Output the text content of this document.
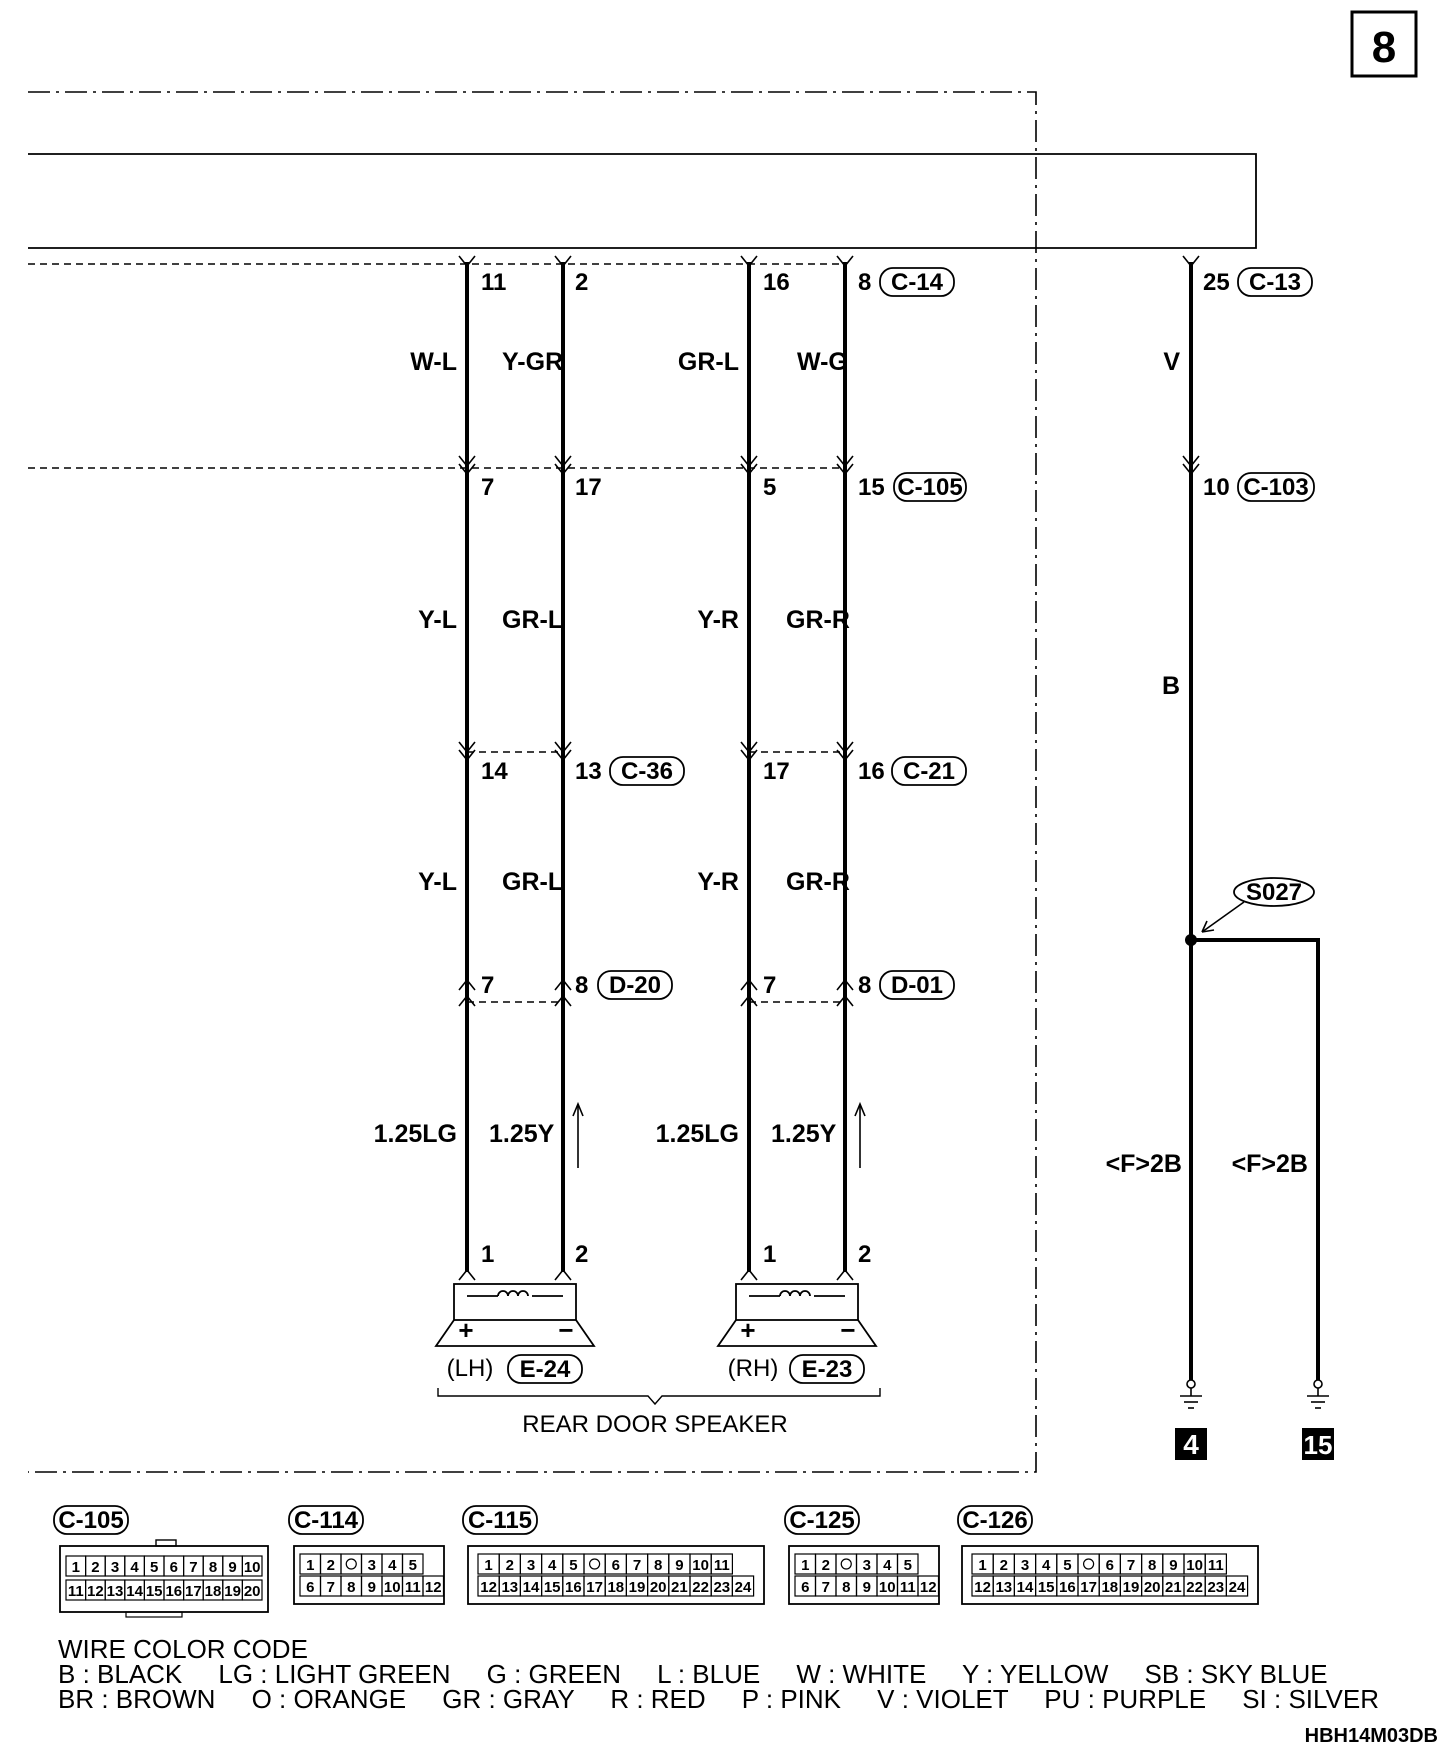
8
4	15
W-L Y-GR	GR-L W-G
Y-L GR-L	Y-R GR-R
Y-L GR-L	Y-R GR-R
1.25LG 1.25Y	1.25LG 1.25Y
V
B
<F>2B <F>2B
11	2	16	8
7	17	5	15
14	13	17	16
7	8	7	8
1	2	1	2
25
10
C-14
C-105
C-36	C-21
D-20	D-01
C-13
C-103
S027
+	−	+	−
(LH) E-24	(RH) E-23
REAR DOOR SPEAKER
C-105
1 2 3 4 5 6 7 8 9 10
11 12 13 14 15 16 17 18 19 20
C-114
1 2 3 4 5
6 7 8 9 10 11 12
C-115
1 2 3 4 5 6 7 8 9 10 11
12 13 14 15 16 17 18 19 20 21 22 23 24
C-125
1 2 3 4 5
6 7 8 9 10 11 12
C-126
1 2 3 4 5 6 7 8 9 10 11
12 13 14 15 16 17 18 19 20 21 22 23 24
HBH14M03DB
WIRE COLOR CODE
B : BLACK     LG : LIGHT GREEN     G : GREEN     L : BLUE     W : WHITE     Y : YELLOW     SB : SKY BLUE
BR : BROWN     O : ORANGE     GR : GRAY     R : RED     P : PINK     V : VIOLET     PU : PURPLE     SI : SILVER
